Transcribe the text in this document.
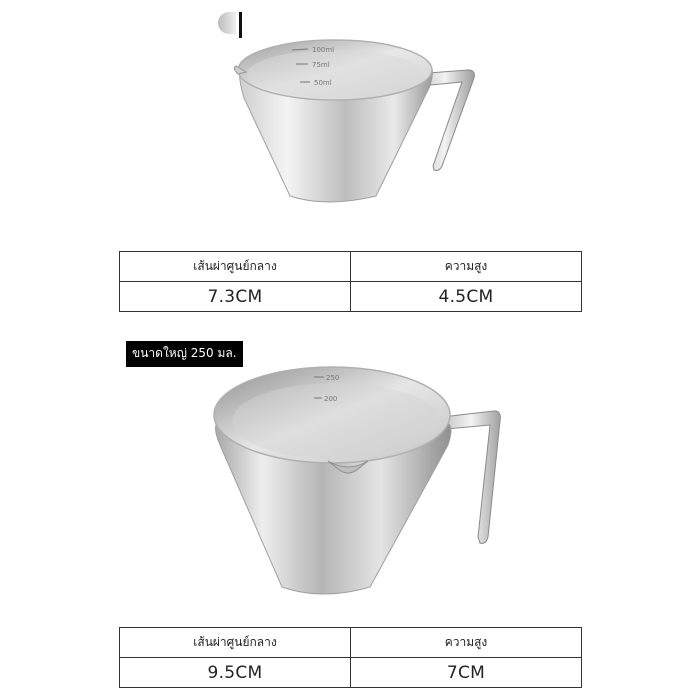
100ml
75ml
50ml
เส้นผ่าศูนย์กลาง	ความสูง
7.3CM	4.5CM
ขนาดใหญ่ 250 มล.
250
200
เส้นผ่าศูนย์กลาง	ความสูง
9.5CM	7CM
